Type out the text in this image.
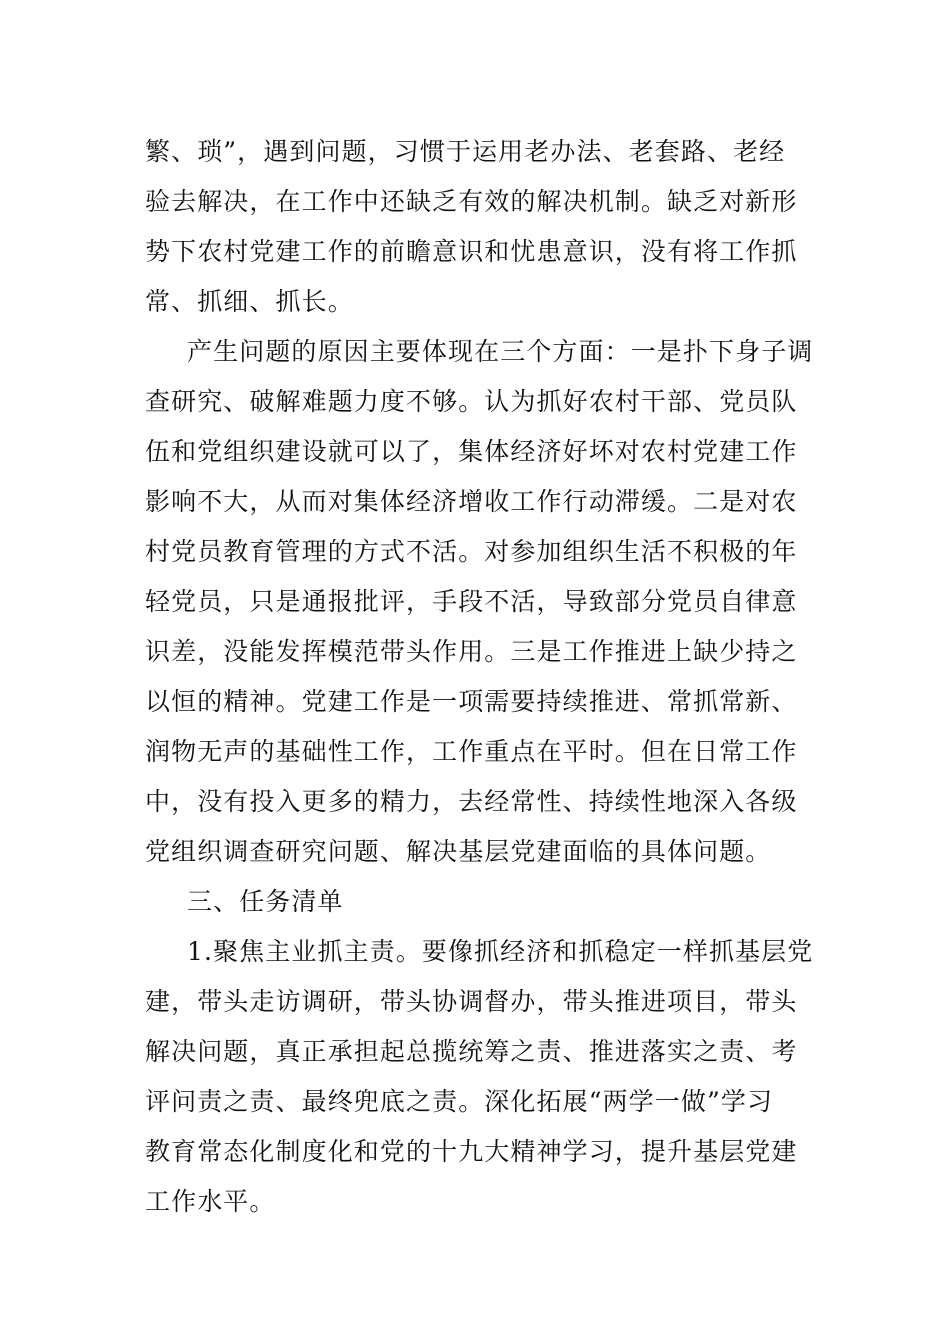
繁、琐”，遇到问题，习惯于运用老办法、老套路、老经
验去解决，在工作中还缺乏有效的解决机制。缺乏对新形
势下农村党建工作的前瞻意识和忧患意识，没有将工作抓
常、抓细、抓长。
产生问题的原因主要体现在三个方面：一是扑下身子调
查研究、破解难题力度不够。认为抓好农村干部、党员队
伍和党组织建设就可以了，集体经济好坏对农村党建工作
影响不大，从而对集体经济增收工作行动滞缓。二是对农
村党员教育管理的方式不活。对参加组织生活不积极的年
轻党员，只是通报批评，手段不活，导致部分党员自律意
识差，没能发挥模范带头作用。三是工作推进上缺少持之
以恒的精神。党建工作是一项需要持续推进、常抓常新、
润物无声的基础性工作，工作重点在平时。但在日常工作
中，没有投入更多的精力，去经常性、持续性地深入各级
党组织调查研究问题、解决基层党建面临的具体问题。
三、任务清单
1.聚焦主业抓主责。要像抓经济和抓稳定一样抓基层党
建，带头走访调研，带头协调督办，带头推进项目，带头
解决问题，真正承担起总揽统筹之责、推进落实之责、考
评问责之责、最终兜底之责。深化拓展“两学一做”学习
教育常态化制度化和党的十九大精神学习，提升基层党建
工作水平。
